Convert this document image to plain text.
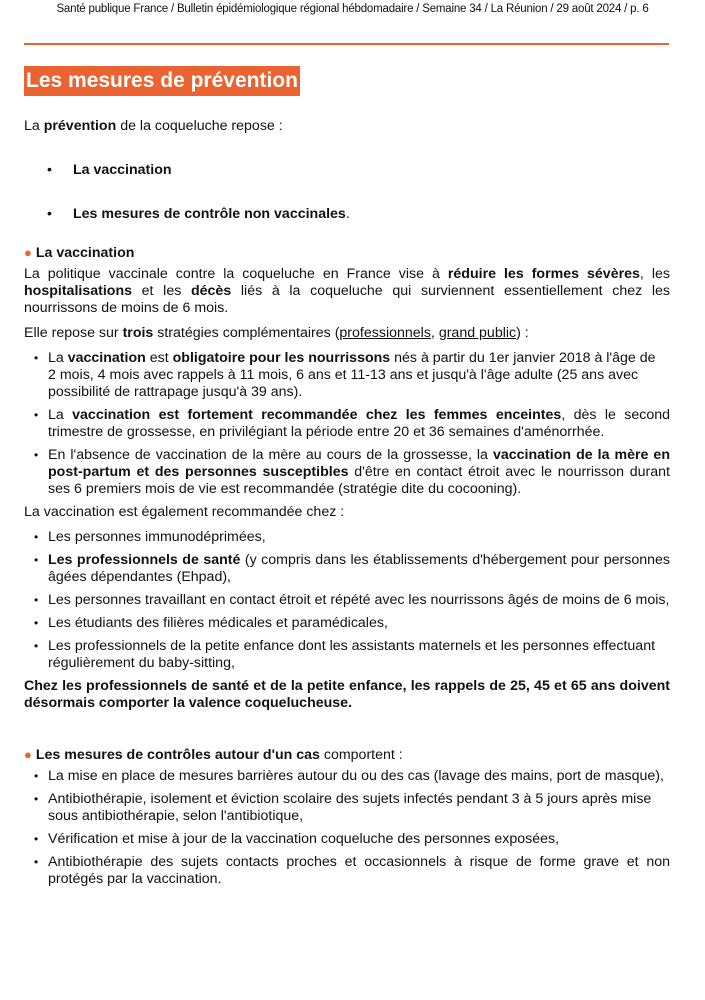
Santé publique France / Bulletin épidémiologique régional hébdomadaire / Semaine 34 / La Réunion / 29 août 2024 / p. 6
Les mesures de prévention

La prévention de la coqueluche repose :

• La vaccination
• Les mesures de contrôle non vaccinales.
● La vaccination

La politique vaccinale contre la coqueluche en France vise à réduire les formes sévères, les hospitalisations et les décès liés à la coqueluche qui surviennent essentiellement chez les nourrissons de moins de 6 mois.

Elle repose sur trois stratégies complémentaires (professionnels, grand public) :

• La vaccination est obligatoire pour les nourrissons nés à partir du 1er janvier 2018 à l'âge de
2 mois, 4 mois avec rappels à 11 mois, 6 ans et 11-13 ans et jusqu'à l'âge adulte (25 ans avec possibilité de rattrapage jusqu'à 39 ans).
• La vaccination est fortement recommandée chez les femmes enceintes, dès le second trimestre de grossesse, en privilégiant la période entre 20 et 36 semaines d'aménorrhée.
• En l'absence de vaccination de la mère au cours de la grossesse, la vaccination de la mère en post-partum et des personnes susceptibles d'être en contact étroit avec le nourrisson durant ses 6 premiers mois de vie est recommandée (stratégie dite du cocooning).

La vaccination est également recommandée chez :

• Les personnes immunodéprimées,
• Les professionnels de santé (y compris dans les établissements d'hébergement pour personnes âgées dépendantes (Ehpad),
• Les personnes travaillant en contact étroit et répété avec les nourrissons âgés de moins de 6 mois,
• Les étudiants des filières médicales et paramédicales,
• Les professionnels de la petite enfance dont les assistants maternels et les personnes effectuant régulièrement du baby-sitting,

Chez les professionnels de santé et de la petite enfance, les rappels de 25, 45 et 65 ans doivent désormais comporter la valence coquelucheuse.

● Les mesures de contrôles autour d'un cas comportent :
• La mise en place de mesures barrières autour du ou des cas (lavage des mains, port de masque),
• Antibiothérapie, isolement et éviction scolaire des sujets infectés pendant 3 à 5 jours après mise sous antibiothérapie, selon l'antibiotique,
• Vérification et mise à jour de la vaccination coqueluche des personnes exposées,
• Antibiothérapie des sujets contacts proches et occasionnels à risque de forme grave et non protégés par la vaccination.
